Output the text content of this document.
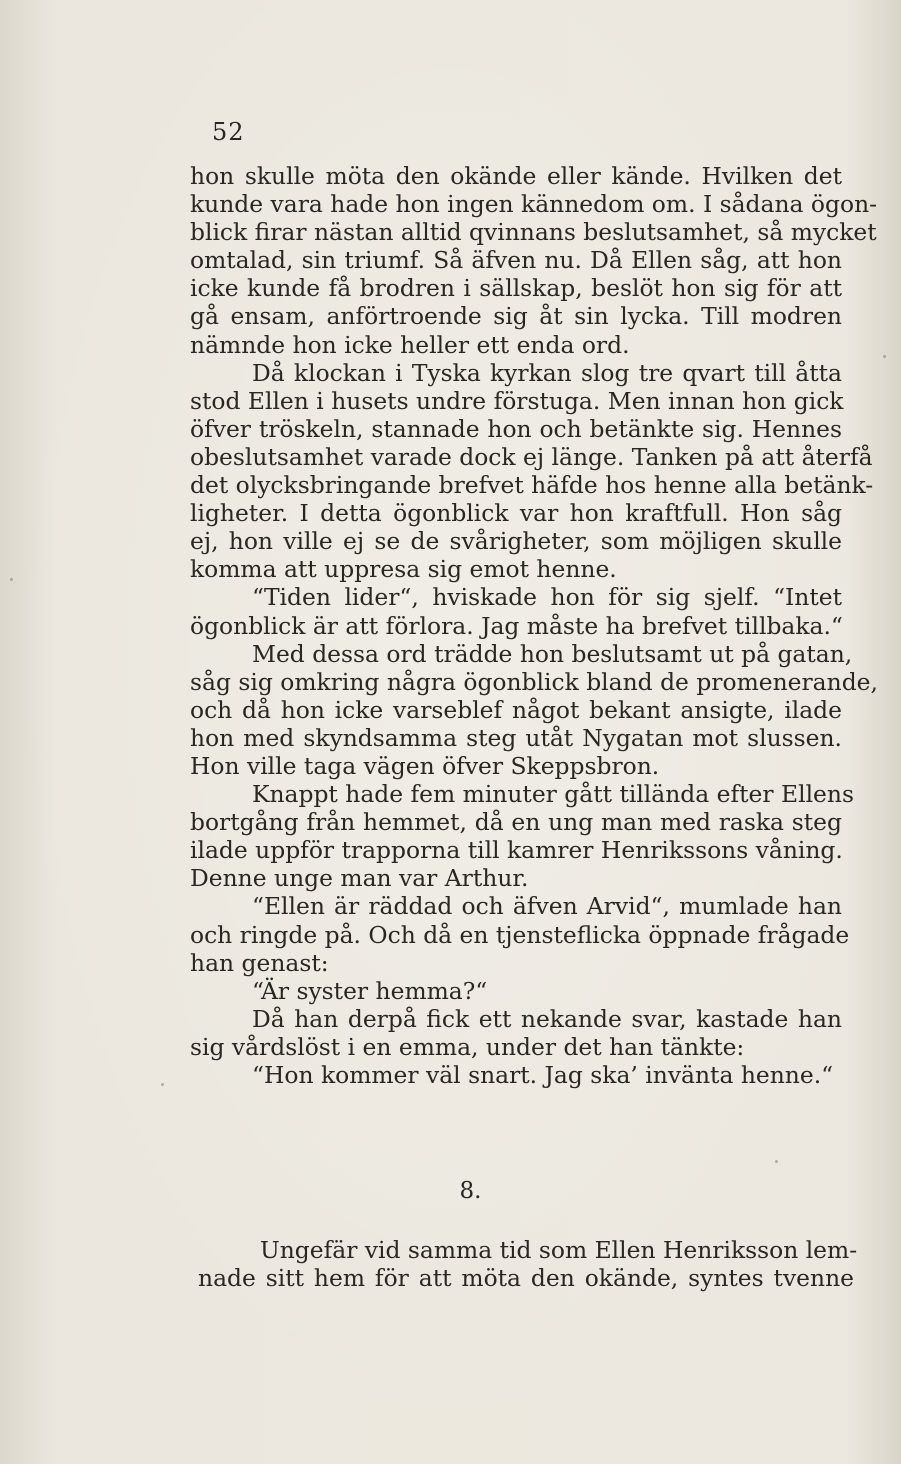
52
hon skulle möta den okände eller kände. Hvilken det
kunde vara hade hon ingen kännedom om. I sådana ögon-
blick firar nästan alltid qvinnans beslutsamhet, så mycket
omtalad, sin triumf. Så äfven nu. Då Ellen såg, att hon
icke kunde få brodren i sällskap, beslöt hon sig för att
gå ensam, anförtroende sig åt sin lycka. Till modren
nämnde hon icke heller ett enda ord.
Då klockan i Tyska kyrkan slog tre qvart till åtta
stod Ellen i husets undre förstuga. Men innan hon gick
öfver tröskeln, stannade hon och betänkte sig. Hennes
obeslutsamhet varade dock ej länge. Tanken på att återfå
det olycksbringande brefvet häfde hos henne alla betänk-
ligheter. I detta ögonblick var hon kraftfull. Hon såg
ej, hon ville ej se de svårigheter, som möjligen skulle
komma att uppresa sig emot henne.
“Tiden lider“, hviskade hon för sig sjelf. “Intet
ögonblick är att förlora. Jag måste ha brefvet tillbaka.“
Med dessa ord trädde hon beslutsamt ut på gatan,
såg sig omkring några ögonblick bland de promenerande,
och då hon icke varseblef något bekant ansigte, ilade
hon med skyndsamma steg utåt Nygatan mot slussen.
Hon ville taga vägen öfver Skeppsbron.
Knappt hade fem minuter gått tillända efter Ellens
bortgång från hemmet, då en ung man med raska steg
ilade uppför trapporna till kamrer Henrikssons våning.
Denne unge man var Arthur.
“Ellen är räddad och äfven Arvid“, mumlade han
och ringde på. Och då en tjensteflicka öppnade frågade
han genast:
“Är syster hemma?“
Då han derpå fick ett nekande svar, kastade han
sig vårdslöst i en emma, under det han tänkte:
“Hon kommer väl snart. Jag ska’ invänta henne.“
8.
Ungefär vid samma tid som Ellen Henriksson lem-
nade sitt hem för att möta den okände, syntes tvenne
